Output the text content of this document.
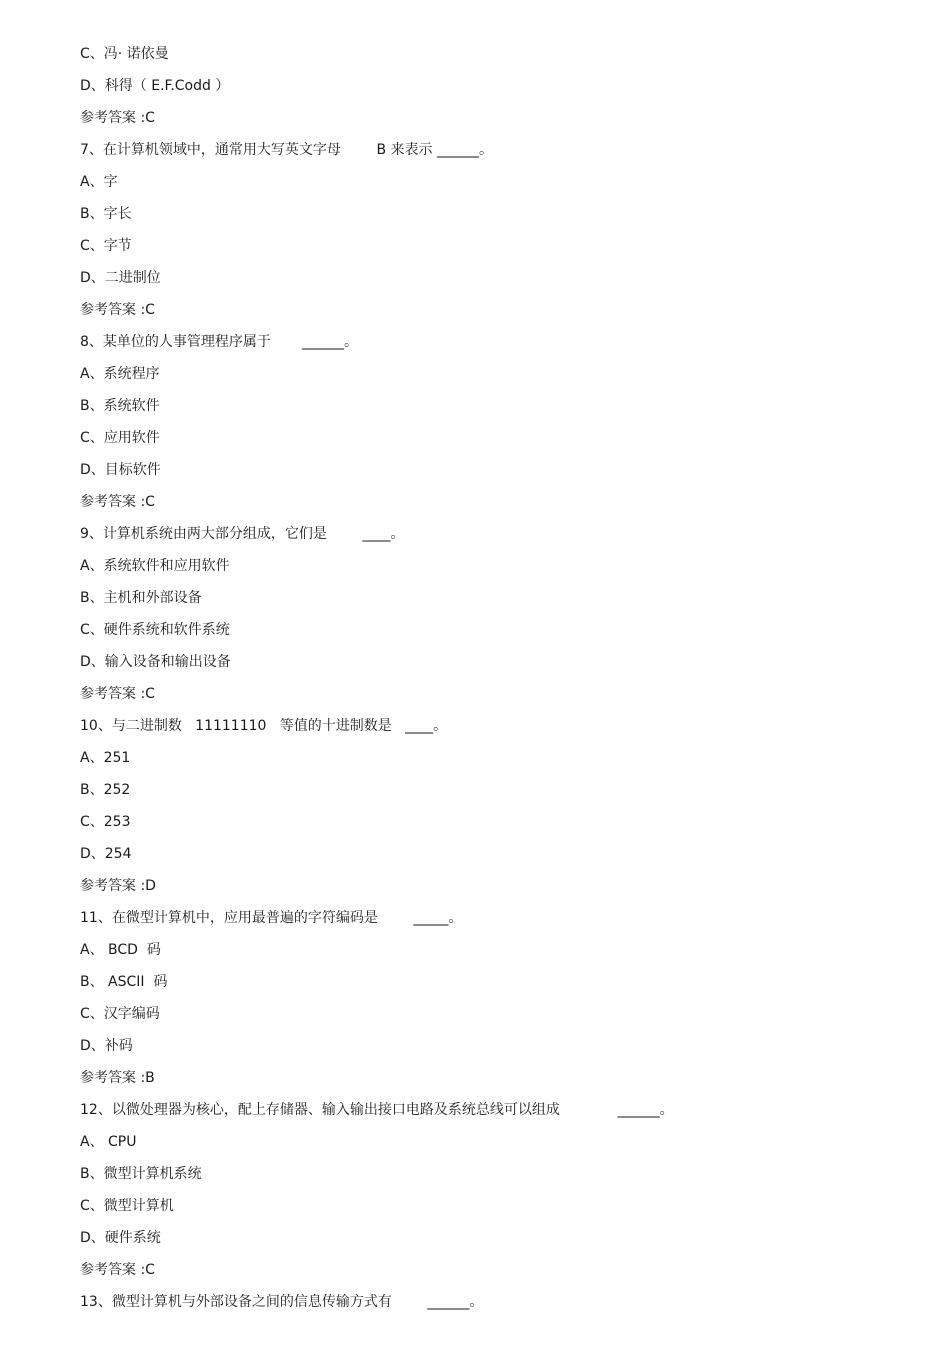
C、冯· 诺依曼
D、科得（ E.F.Codd ）
参考答案 :C
7、在计算机领域中，通常用大写英文字母        B 来表示 ______。
A、字
B、字长
C、字节
D、二进制位
参考答案 :C
8、某单位的人事管理程序属于       ______。
A、系统程序
B、系统软件
C、应用软件
D、目标软件
参考答案 :C
9、计算机系统由两大部分组成，它们是        ____。
A、系统软件和应用软件
B、主机和外部设备
C、硬件系统和软件系统
D、输入设备和输出设备
参考答案 :C
10、与二进制数   11111110   等值的十进制数是   ____。
A、251
B、252
C、253
D、254
参考答案 :D
11、在微型计算机中，应用最普遍的字符编码是        _____。
A、 BCD  码
B、 ASCII  码
C、汉字编码
D、补码
参考答案 :B
12、以微处理器为核心，配上存储器、输入输出接口电路及系统总线可以组成             ______。
A、 CPU
B、微型计算机系统
C、微型计算机
D、硬件系统
参考答案 :C
13、微型计算机与外部设备之间的信息传输方式有        ______。
